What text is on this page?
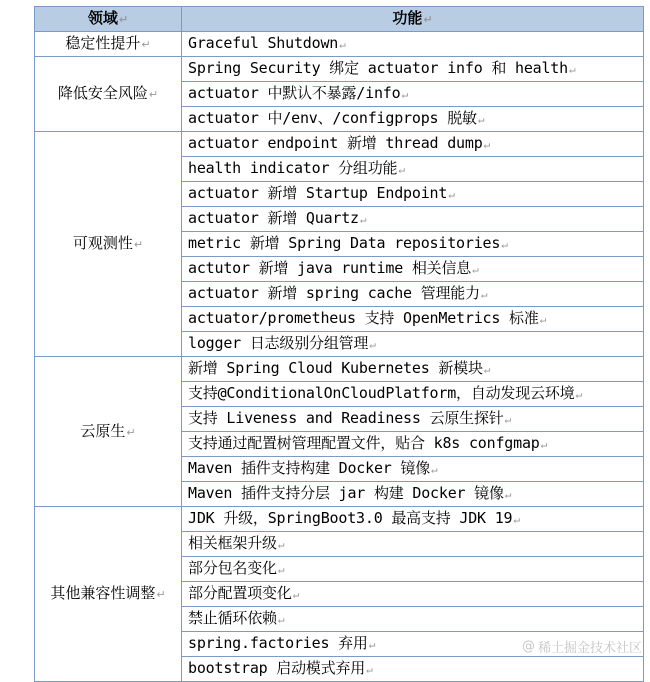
领域↵	功能↵
稳定性提升↵	Graceful Shutdown↵
降低安全风险↵	Spring Security 绑定 actuator info 和 health↵
	actuator 中默认不暴露/info↵
	actuator 中/env、/configprops 脱敏↵
可观测性↵	actuator endpoint 新增 thread dump↵
	health indicator 分组功能↵
	actuator 新增 Startup Endpoint↵
	actuator 新增 Quartz↵
	metric 新增 Spring Data repositories↵
	actutor 新增 java runtime 相关信息↵
	actuator 新增 spring cache 管理能力↵
	actuator/prometheus 支持 OpenMetrics 标准↵
	logger 日志级别分组管理↵
云原生↵	新增 Spring Cloud Kubernetes 新模块↵
	支持@ConditionalOnCloudPlatform，自动发现云环境↵
	支持 Liveness and Readiness 云原生探针↵
	支持通过配置树管理配置文件，贴合 k8s confgmap↵
	Maven 插件支持构建 Docker 镜像↵
	Maven 插件支持分层 jar 构建 Docker 镜像↵
其他兼容性调整↵	JDK 升级，SpringBoot3.0 最高支持 JDK 19↵
	相关框架升级↵
	部分包名变化↵
	部分配置项变化↵
	禁止循环依赖↵
	spring.factories 弃用↵
	bootstrap 启动模式弃用↵
@ 稀土掘金技术社区
